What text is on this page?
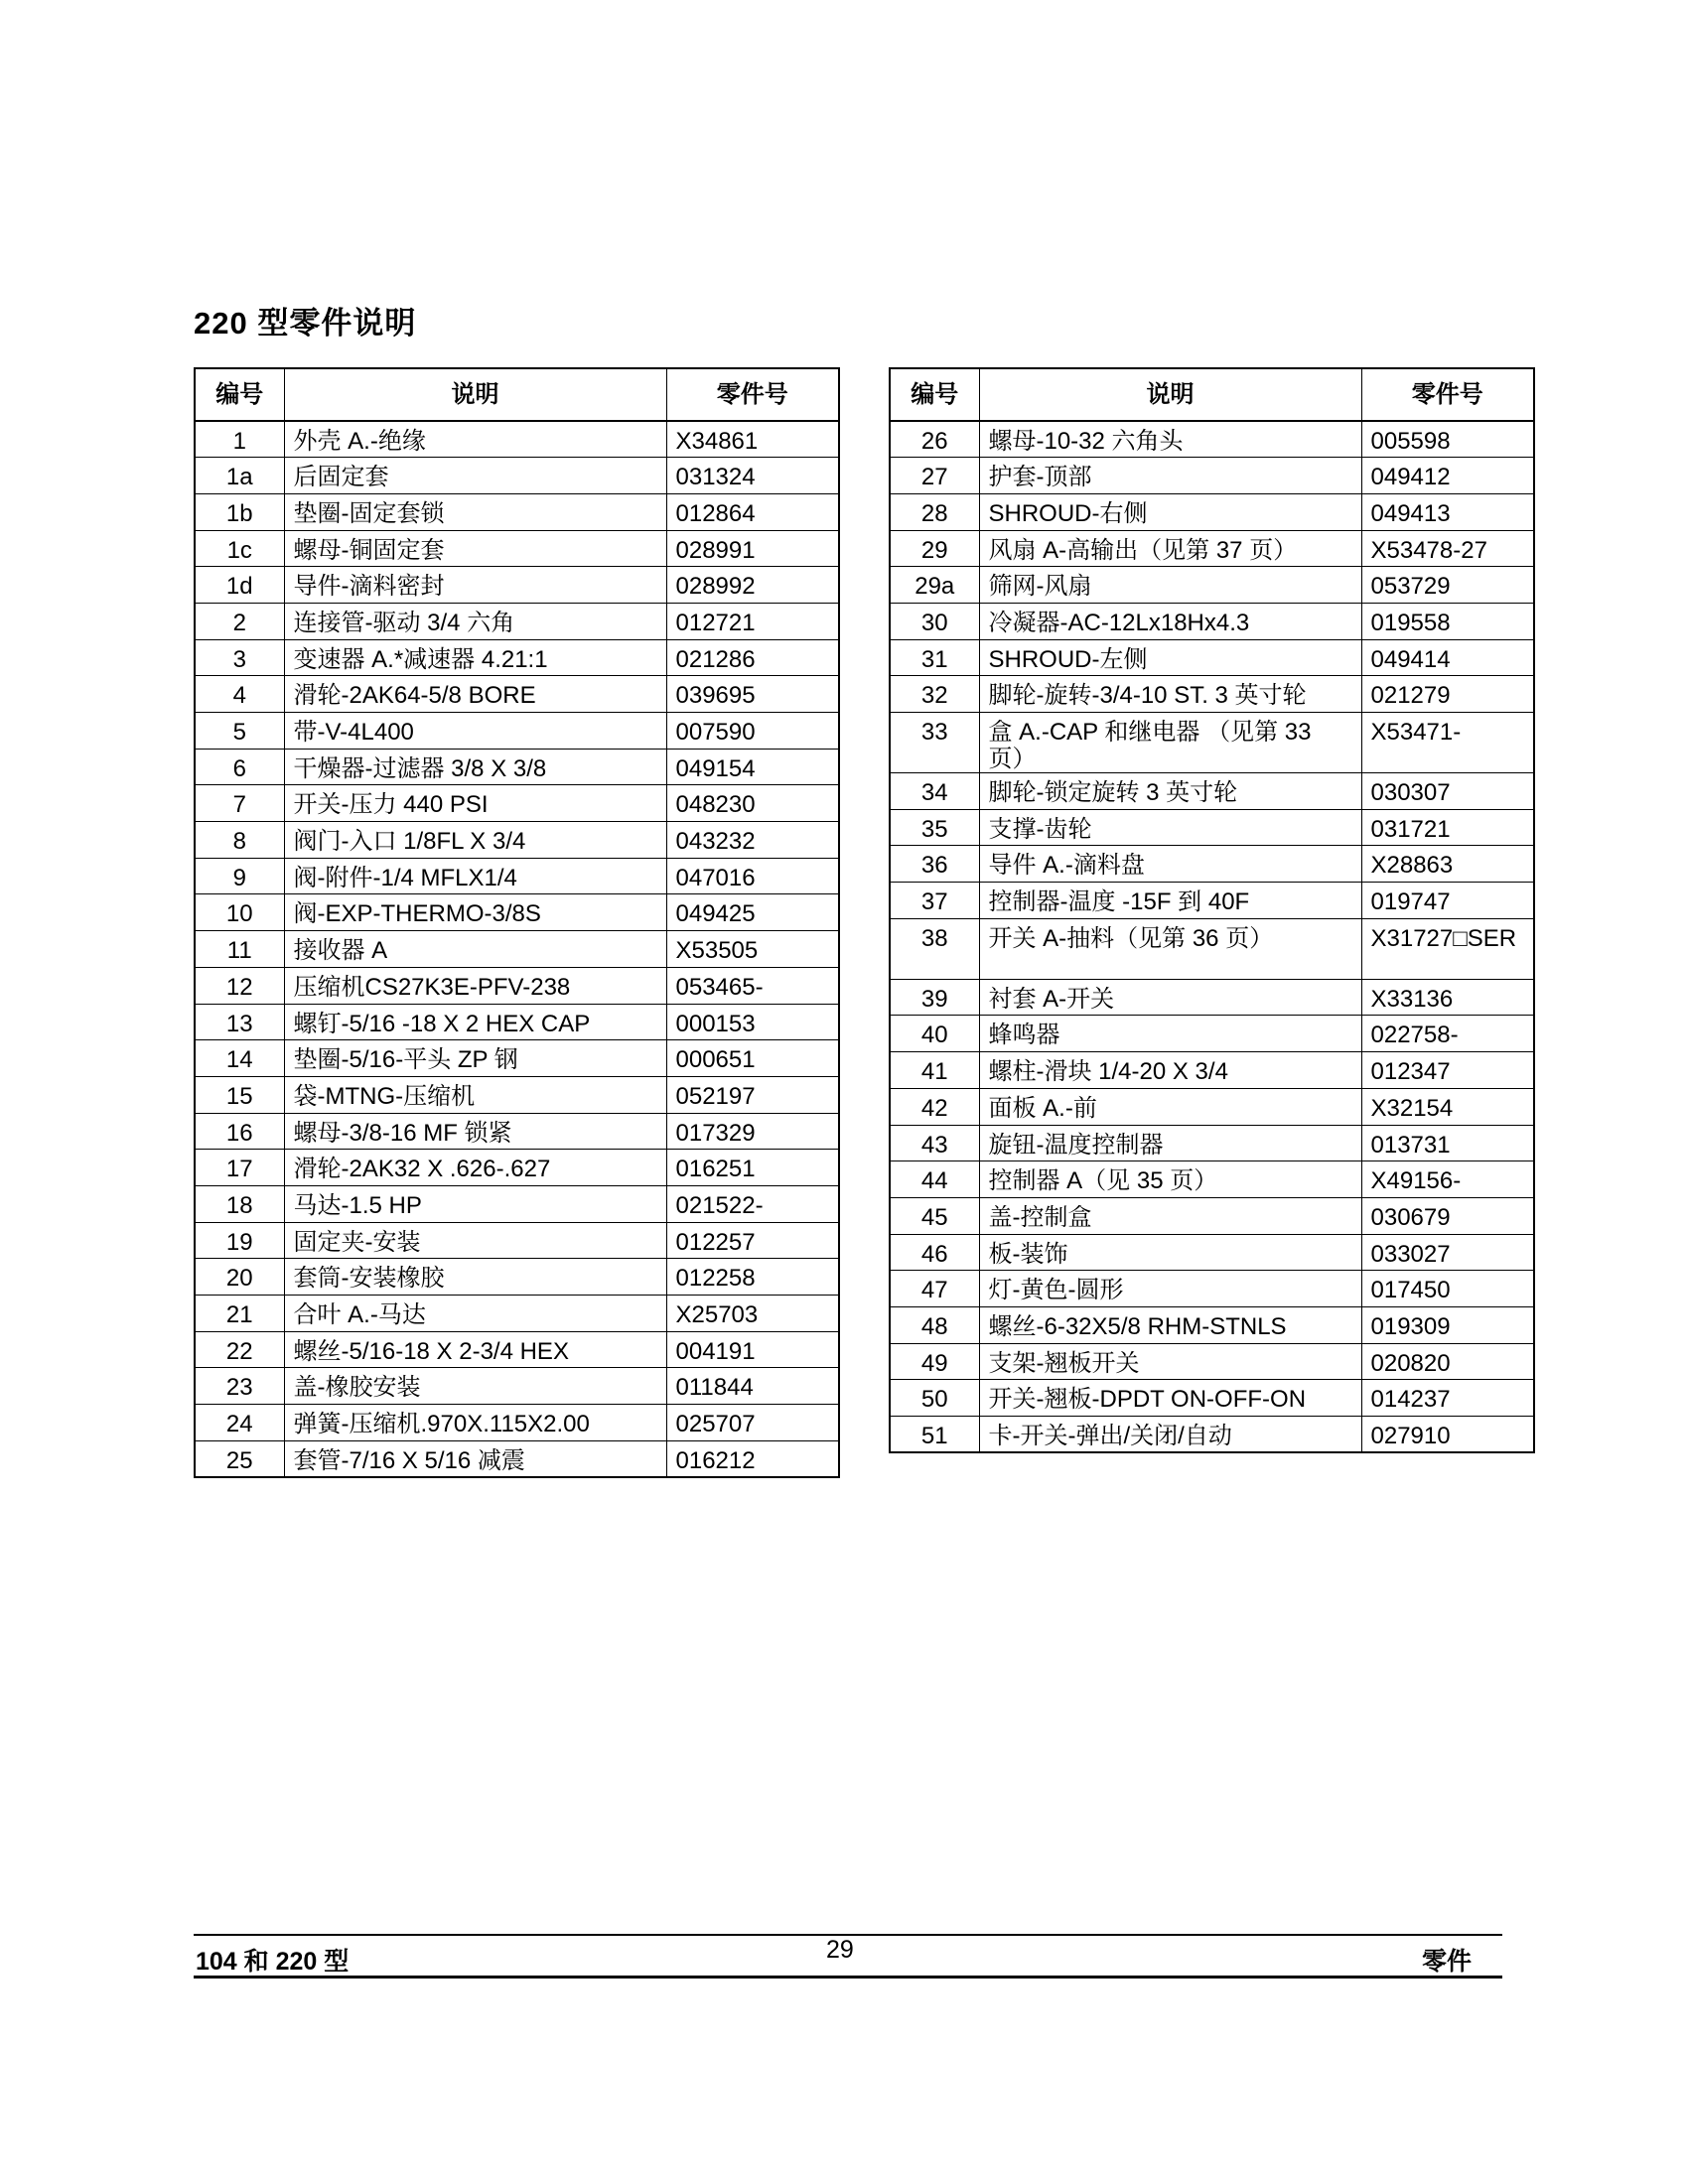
220 型零件说明
编号	说明	零件号
1	外壳 A.-绝缘	X34861
1a	后固定套	031324
1b	垫圈-固定套锁	012864
1c	螺母-铜固定套	028991
1d	导件-滴料密封	028992
2	连接管-驱动 3/4 六角	012721
3	变速器 A.*减速器 4.21:1	021286
4	滑轮-2AK64-5/8 BORE	039695
5	带-V-4L400	007590
6	干燥器-过滤器 3/8 X 3/8	049154
7	开关-压力 440 PSI	048230
8	阀门-入口 1/8FL X 3/4	043232
9	阀-附件-1/4 MFLX1/4	047016
10	阀-EXP-THERMO-3/8S	049425
11	接收器 A	X53505
12	压缩机CS27K3E-PFV-238	053465-
13	螺钉-5/16 -18 X 2 HEX CAP	000153
14	垫圈-5/16-平头 ZP 钢	000651
15	袋-MTNG-压缩机	052197
16	螺母-3/8-16 MF 锁紧	017329
17	滑轮-2AK32 X .626-.627	016251
18	马达-1.5 HP	021522-
19	固定夹-安装	012257
20	套筒-安装橡胶	012258
21	合叶 A.-马达	X25703
22	螺丝-5/16-18 X 2-3/4 HEX	004191
23	盖-橡胶安装	011844
24	弹簧-压缩机.970X.115X2.00	025707
25	套管-7/16 X 5/16 减震	016212
编号	说明	零件号
26	螺母-10-32 六角头	005598
27	护套-顶部	049412
28	SHROUD-右侧	049413
29	风扇 A-高输出（见第 37 页）	X53478-27
29a	筛网-风扇	053729
30	冷凝器-AC-12Lx18Hx4.3	019558
31	SHROUD-左侧	049414
32	脚轮-旋转-3/4-10 ST. 3 英寸轮	021279
33	盒 A.-CAP 和继电器 （见第 33 页）	X53471-
34	脚轮-锁定旋转 3 英寸轮	030307
35	支撑-齿轮	031721
36	导件 A.-滴料盘	X28863
37	控制器-温度 -15F 到 40F	019747
38	开关 A-抽料（见第 36 页）	X31727□SER
39	衬套 A-开关	X33136
40	蜂鸣器	022758-
41	螺柱-滑块 1/4-20 X 3/4	012347
42	面板 A.-前	X32154
43	旋钮-温度控制器	013731
44	控制器 A（见 35 页）	X49156-
45	盖-控制盒	030679
46	板-装饰	033027
47	灯-黄色-圆形	017450
48	螺丝-6-32X5/8 RHM-STNLS	019309
49	支架-翘板开关	020820
50	开关-翘板-DPDT ON-OFF-ON	014237
51	卡-开关-弹出/关闭/自动	027910
104 和 220 型	29	零件
